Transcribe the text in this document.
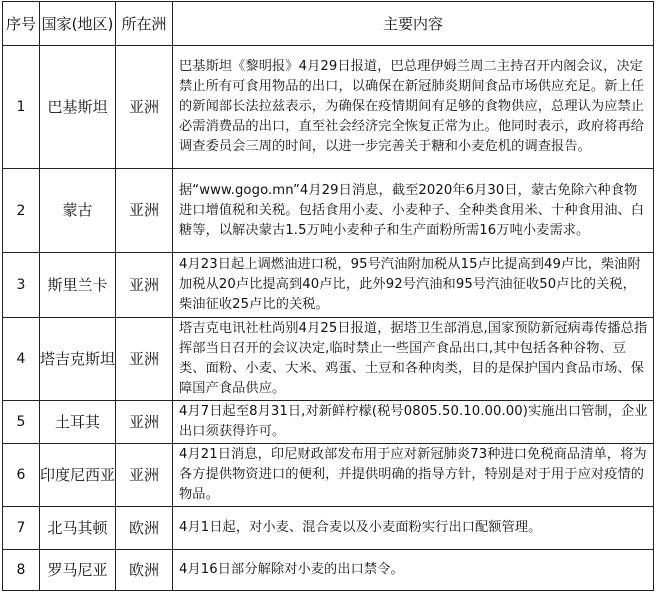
序号	国家(地区)	所在洲	主要内容
1	巴基斯坦	亚洲	巴基斯坦《黎明报》4月29日报道，巴总理伊姆兰周二主持召开内阁会议，决定禁止所有可食用物品的出口，以确保在新冠肺炎期间食品市场供应充足。新上任的新闻部长法拉兹表示，为确保在疫情期间有足够的食物供应，总理认为应禁止必需消费品的出口，直至社会经济完全恢复正常为止。他同时表示，政府将再给调查委员会三周的时间，以进一步完善关于糖和小麦危机的调查报告。
2	蒙古	亚洲	据“www.gogo.mn”4月29日消息，截至2020年6月30日，蒙古免除六种食物进口增值税和关税。包括食用小麦、小麦种子、全种类食用米、十种食用油、白糖等，以解决蒙古1.5万吨小麦种子和生产面粉所需16万吨小麦需求。
3	斯里兰卡	亚洲	4月23日起上调燃油进口税，95号汽油附加税从15卢比提高到49卢比，柴油附加税从20卢比提高到40卢比，此外92号汽油和95号汽油征收50卢比的关税，柴油征收25卢比的关税。
4	塔吉克斯坦	亚洲	塔吉克电讯社杜尚别4月25日报道，据塔卫生部消息,国家预防新冠病毒传播总指挥部当日召开的会议决定,临时禁止一些国产食品出口,其中包括各种谷物、豆类、面粉、小麦、大米、鸡蛋、土豆和各种肉类，目的是保护国内食品市场、保障国产食品供应。
5	土耳其	亚洲	4月7日起至8月31日,对新鲜柠檬(税号0805.50.10.00.00)实施出口管制，企业出口须获得许可。
6	印度尼西亚	亚洲	4月21日消息，印尼财政部发布用于应对新冠肺炎73种进口免税商品清单，将为各方提供物资进口的便利，并提供明确的指导方针，特别是对于用于应对疫情的物品。
7	北马其顿	欧洲	4月1日起，对小麦、混合麦以及小麦面粉实行出口配额管理。
8	罗马尼亚	欧洲	4月16日部分解除对小麦的出口禁令。
